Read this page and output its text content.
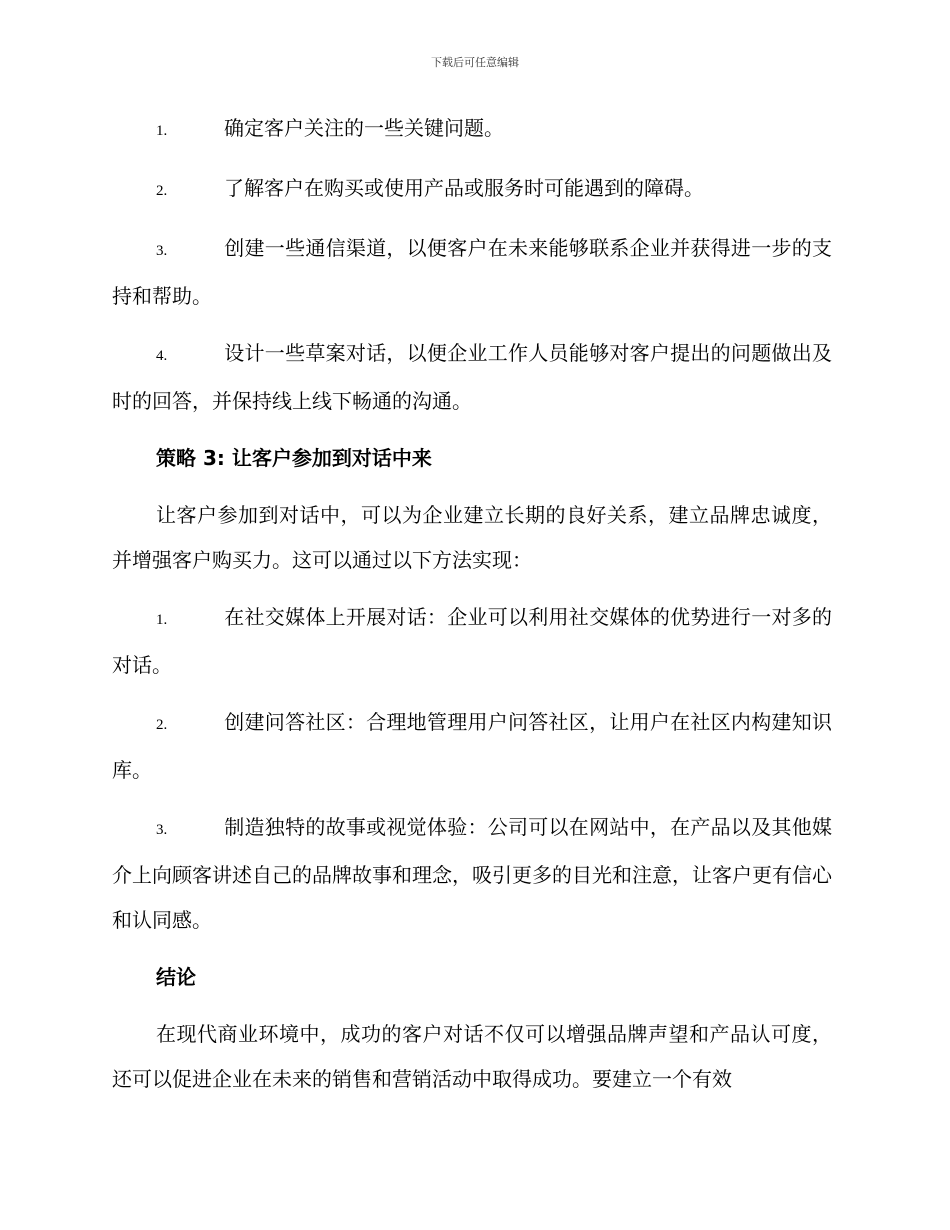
下载后可任意编辑

1.	确定客户关注的一些关键问题。

2.	了解客户在购买或使用产品或服务时可能遇到的障碍。

3.	创建一些通信渠道，以便客户在未来能够联系企业并获得进一步的支持和帮助。

4.	设计一些草案对话，以便企业工作人员能够对客户提出的问题做出及时的回答，并保持线上线下畅通的沟通。

策略 3: 让客户参加到对话中来

让客户参加到对话中，可以为企业建立长期的良好关系，建立品牌忠诚度，并增强客户购买力。这可以通过以下方法实现：

1.	在社交媒体上开展对话：企业可以利用社交媒体的优势进行一对多的对话。

2.	创建问答社区：合理地管理用户问答社区，让用户在社区内构建知识库。

3.	制造独特的故事或视觉体验：公司可以在网站中，在产品以及其他媒介上向顾客讲述自己的品牌故事和理念，吸引更多的目光和注意，让客户更有信心和认同感。

结论

在现代商业环境中，成功的客户对话不仅可以增强品牌声望和产品认可度，还可以促进企业在未来的销售和营销活动中取得成功。要建立一个有效
